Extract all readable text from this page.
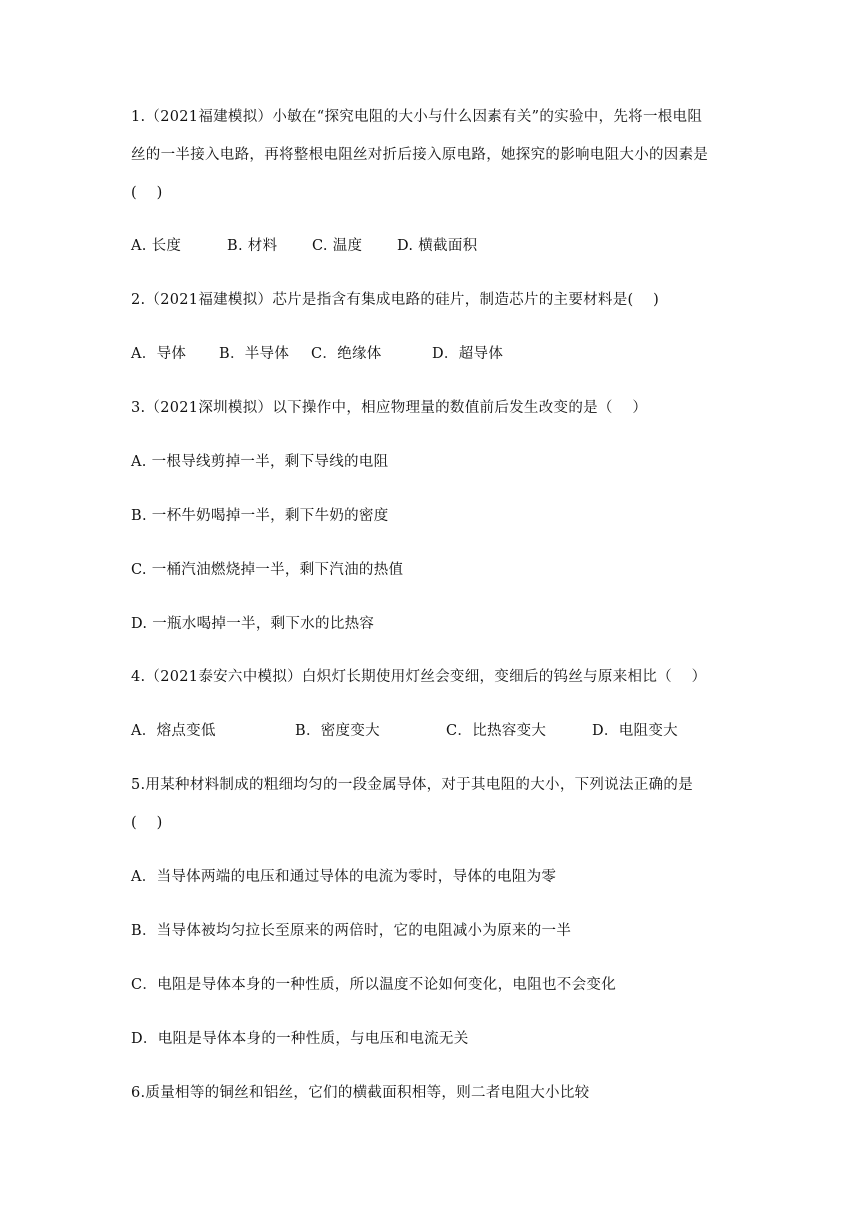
1.（2021福建模拟）小敏在“探究电阻的大小与什么因素有关”的实验中，先将一根电阻
丝的一半接入电路，再将整根电阻丝对折后接入原电路，她探究的影响电阻大小的因素是
(    )
A. 长度	B. 材料 C. 温度 D. 横截面积
2.（2021福建模拟）芯片是指含有集成电路的硅片，制造芯片的主要材料是(    )
A．导体 B．半导体 C．绝缘体	D．超导体
3.（2021深圳模拟）以下操作中，相应物理量的数值前后发生改变的是（    ）
A. 一根导线剪掉一半，剩下导线的电阻
B. 一杯牛奶喝掉一半，剩下牛奶的密度
C. 一桶汽油燃烧掉一半，剩下汽油的热值
D. 一瓶水喝掉一半，剩下水的比热容
4.（2021泰安六中模拟）白炽灯长期使用灯丝会变细，变细后的钨丝与原来相比（    ）
A．熔点变低	B．密度变大	C．比热容变大	D．电阻变大
5.用某种材料制成的粗细均匀的一段金属导体，对于其电阻的大小，下列说法正确的是
(    )
A．当导体两端的电压和通过导体的电流为零时，导体的电阻为零
B．当导体被均匀拉长至原来的两倍时，它的电阻减小为原来的一半
C．电阻是导体本身的一种性质，所以温度不论如何变化，电阻也不会变化
D．电阻是导体本身的一种性质，与电压和电流无关
6.质量相等的铜丝和铝丝，它们的横截面积相等，则二者电阻大小比较
